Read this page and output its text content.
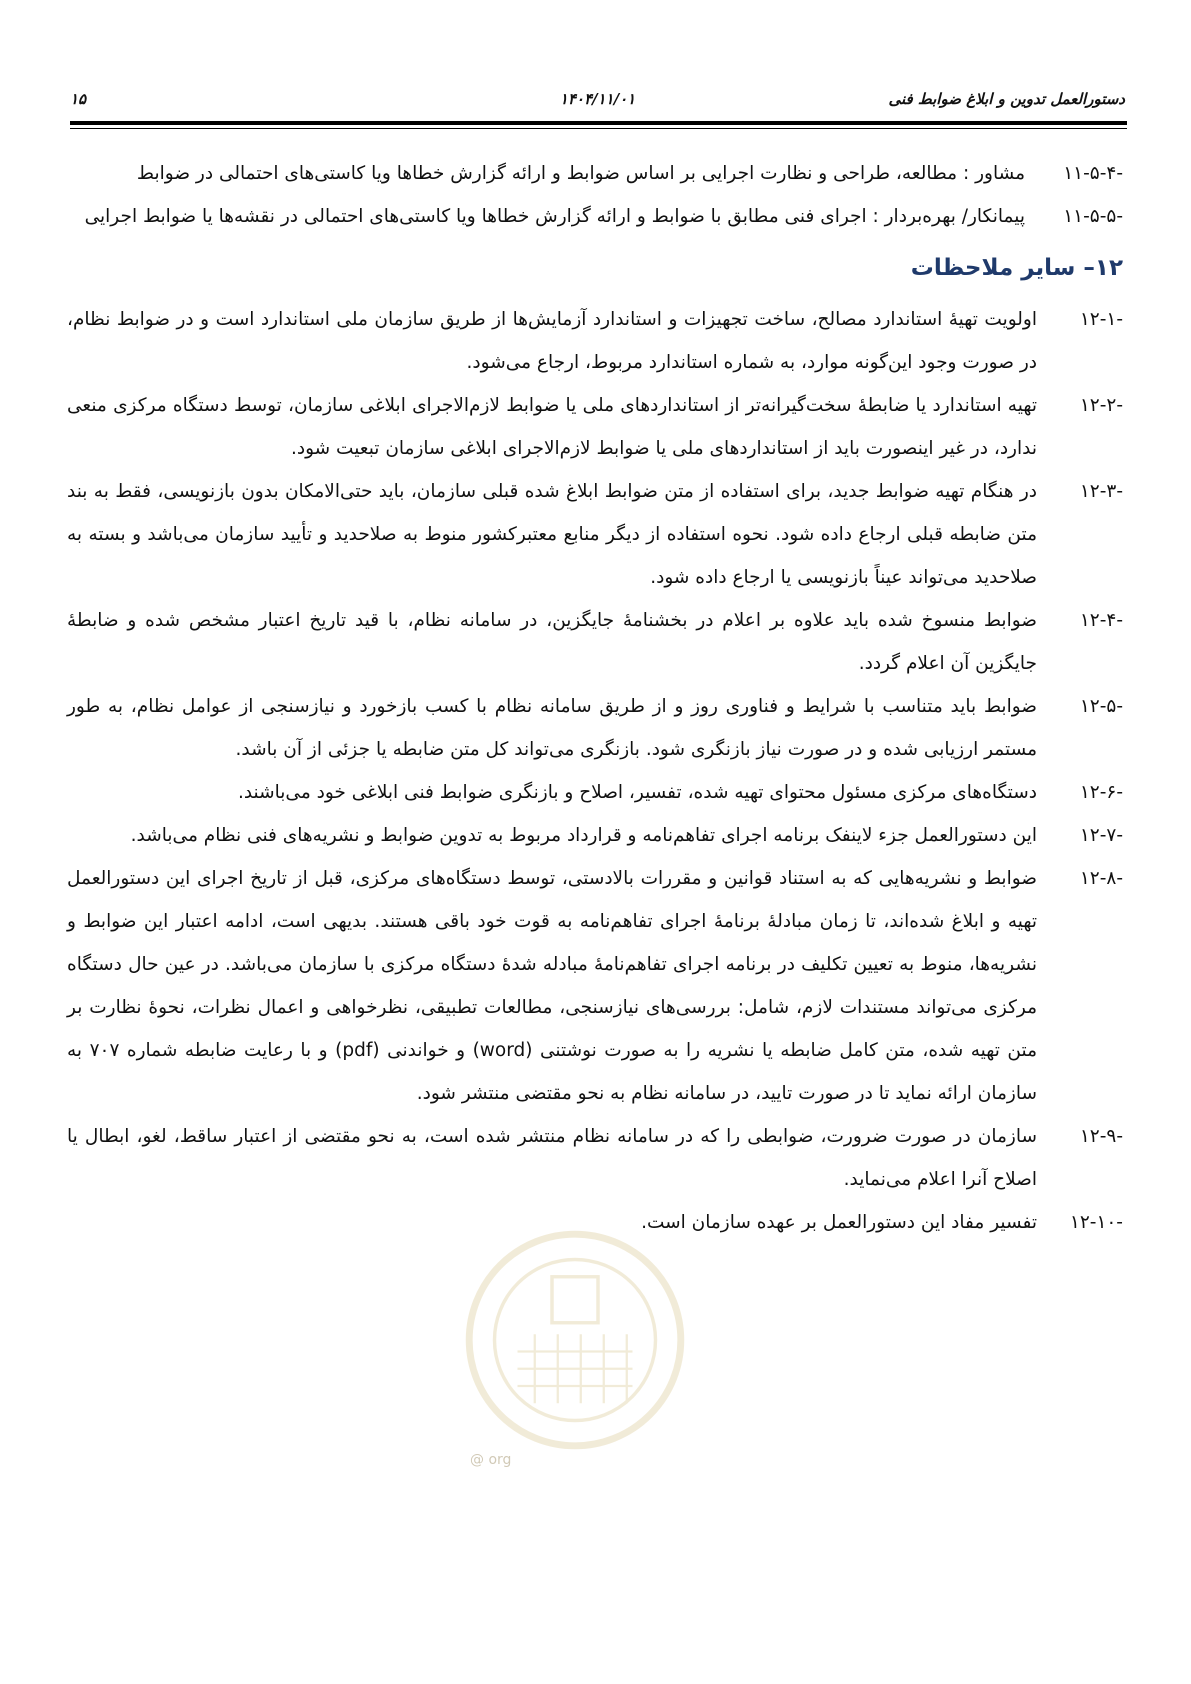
دستورالعمل تدوین و ابلاغ ضوابط فنی
۱۴۰۴/۱۱/۰۱
۱۵
@ org
۱۱-۵-۴-
مشاور : مطالعه، طراحی و نظارت اجرایی بر اساس ضوابط و ارائه گزارش خطاها ویا کاستی‌های احتمالی در ضوابط
۱۱-۵-۵-
پیمانکار/ بهره‌بردار : اجرای فنی مطابق با ضوابط و ارائه گزارش خطاها ویا کاستی‌های احتمالی در نقشه‌ها یا ضوابط اجرایی
۱۲– سایر ملاحظات
۱۲-۱-
اولویت تهیهٔ استاندارد مصالح، ساخت تجهیزات و استاندارد آزمایش‌ها از طریق سازمان ملی استاندارد است و در ضوابط نظام، در صورت وجود این‌گونه موارد، به شماره استاندارد مربوط، ارجاع می‌شود.
۱۲-۲-
تهیه استاندارد یا ضابطهٔ سخت‌گیرانه‌تر از استانداردهای ملی یا ضوابط لازم‌الاجرای ابلاغی سازمان، توسط دستگاه مرکزی منعی ندارد، در غیر اینصورت باید از استانداردهای ملی یا ضوابط لازم‌الاجرای ابلاغی سازمان تبعیت شود.
۱۲-۳-
در هنگام تهیه ضوابط جدید، برای استفاده از متن ضوابط ابلاغ شده قبلی سازمان، باید حتی‌الامکان بدون بازنویسی، فقط به بند متن ضابطه قبلی ارجاع داده شود. نحوه استفاده از دیگر منابع معتبرکشور منوط به صلاحدید و تأیید سازمان می‌باشد و بسته به صلاحدید می‌تواند عیناً بازنویسی یا ارجاع داده شود.
۱۲-۴-
ضوابط منسوخ شده باید علاوه بر اعلام در بخشنامهٔ جایگزین، در سامانه نظام، با قید تاریخ اعتبار مشخص شده و ضابطهٔ جایگزین آن اعلام گردد.
۱۲-۵-
ضوابط باید متناسب با شرایط و فناوری روز و از طریق سامانه نظام با کسب بازخورد و نیازسنجی از عوامل نظام، به طور مستمر ارزیابی شده و در صورت نیاز بازنگری شود. بازنگری می‌تواند کل متن ضابطه یا جزئی از آن باشد.
۱۲-۶-
دستگاه‌های مرکزی مسئول محتوای تهیه شده، تفسیر، اصلاح و بازنگری ضوابط فنی ابلاغی خود می‌باشند.
۱۲-۷-
این دستورالعمل جزء لاینفک برنامه اجرای تفاهم‌نامه و قرارداد مربوط به تدوین ضوابط و نشریه‌های فنی نظام می‌باشد.
۱۲-۸-
ضوابط و نشریه‌هایی که به استناد قوانین و مقررات بالادستی، توسط دستگاه‌های مرکزی، قبل از تاریخ اجرای این دستورالعمل تهیه و ابلاغ شده‌اند، تا زمان مبادلهٔ برنامهٔ اجرای تفاهم‌نامه به قوت خود باقی هستند. بدیهی است، ادامه اعتبار این ضوابط و نشریه‌ها، منوط به تعیین تکلیف در برنامه اجرای تفاهم‌نامهٔ مبادله شدهٔ دستگاه مرکزی با سازمان می‌باشد. در عین حال دستگاه مرکزی می‌تواند مستندات لازم، شامل: بررسی‌های نیازسنجی، مطالعات تطبیقی، نظرخواهی و اعمال نظرات، نحوهٔ نظارت بر متن تهیه شده، متن کامل ضابطه یا نشریه را به صورت نوشتنی (word) و خواندنی (pdf) و با رعایت ضابطه شماره ۷۰۷ به سازمان ارائه نماید تا در صورت تایید، در سامانه نظام به نحو مقتضی منتشر شود.
۱۲-۹-
سازمان در صورت ضرورت، ضوابطی را که در سامانه نظام منتشر شده است، به نحو مقتضی از اعتبار ساقط، لغو، ابطال یا اصلاح آنرا اعلام می‌نماید.
۱۲-۱۰-
تفسیر مفاد این دستورالعمل بر عهده سازمان است.
